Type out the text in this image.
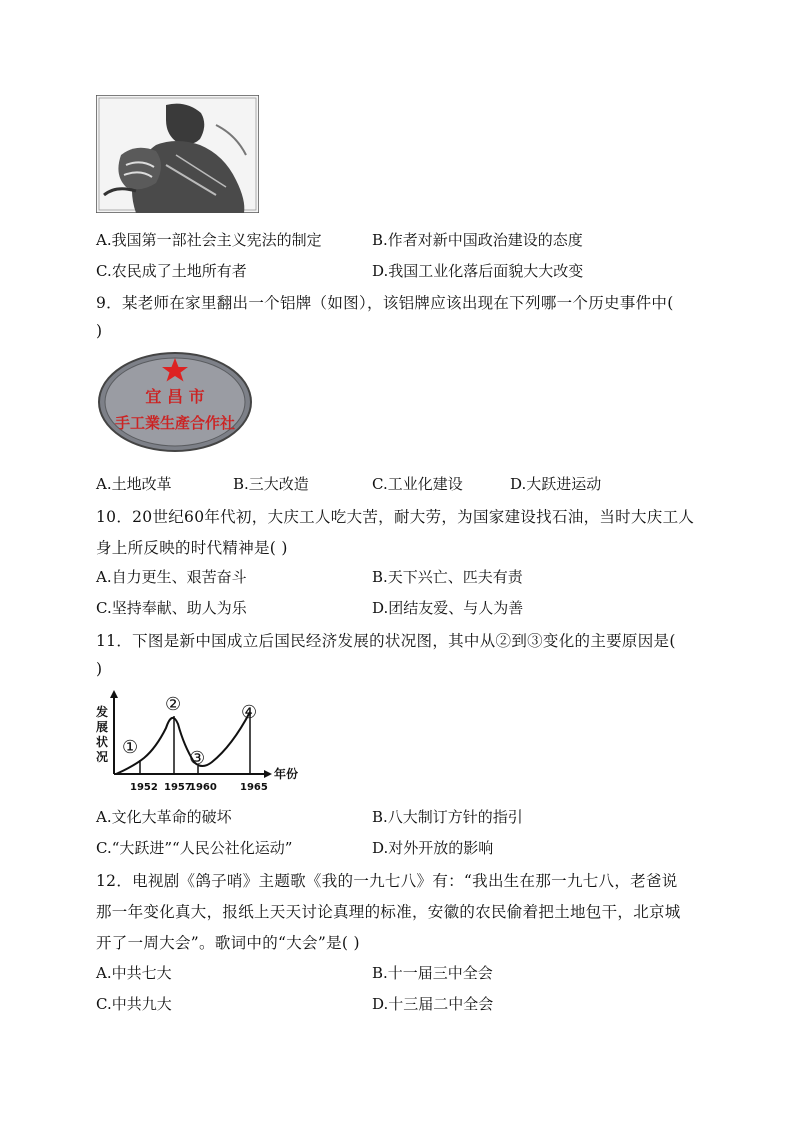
A.我国第一部社会主义宪法的制定	B.作者对新中国政治建设的态度
C.农民成了土地所有者	D.我国工业化落后面貌大大改变
9．某老师在家里翻出一个铝牌（如图），该铝牌应该出现在下列哪一个历史事件中(
)
宜 昌 市
手工業生產合作社
A.土地改革	B.三大改造	C.工业化建设	D.大跃进运动
10．20世纪60年代初，大庆工人吃大苦，耐大劳，为国家建设找石油，当时大庆工人
身上所反映的时代精神是( )
A.自力更生、艰苦奋斗	B.天下兴亡、匹夫有责
C.坚持奉献、助人为乐	D.团结友爱、与人为善
11．下图是新中国成立后国民经济发展的状况图，其中从②到③变化的主要原因是(
)
发
展
状
况
年份
①
②
③
④
1952 1957
1960 1965
A.文化大革命的破坏	B.八大制订方针的指引
C.“大跃进”“人民公社化运动”	D.对外开放的影响
12．电视剧《鸽子哨》主题歌《我的一九七八》有：“我出生在那一九七八，老爸说
那一年变化真大，报纸上天天讨论真理的标准，安徽的农民偷着把土地包干，北京城
开了一周大会”。歌词中的“大会”是( )
A.中共七大	B.十一届三中全会
C.中共九大	D.十三届二中全会
